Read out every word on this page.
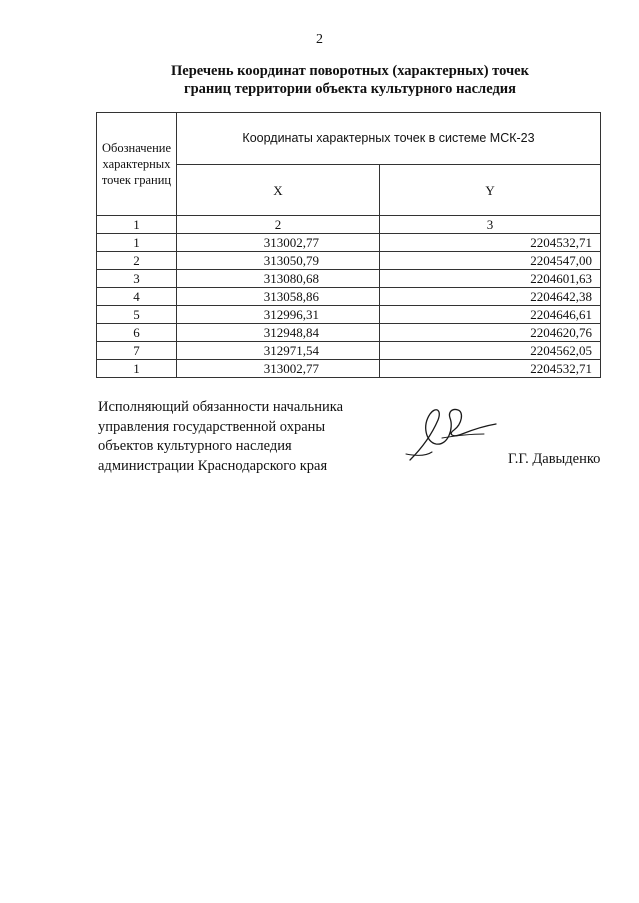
2
Перечень координат поворотных (характерных) точек
границ территории объекта культурного наследия
Обозначение характерных точек границ	Координаты характерных точек в системе МСК-23	
	X	Y
1	2	3
1	313002,77	2204532,71
2	313050,79	2204547,00
3	313080,68	2204601,63
4	313058,86	2204642,38
5	312996,31	2204646,61
6	312948,84	2204620,76
7	312971,54	2204562,05
1	313002,77	2204532,71
Исполняющий обязанности начальника
управления государственной охраны
объектов культурного наследия
администрации Краснодарского края	Г.Г. Давыденко
